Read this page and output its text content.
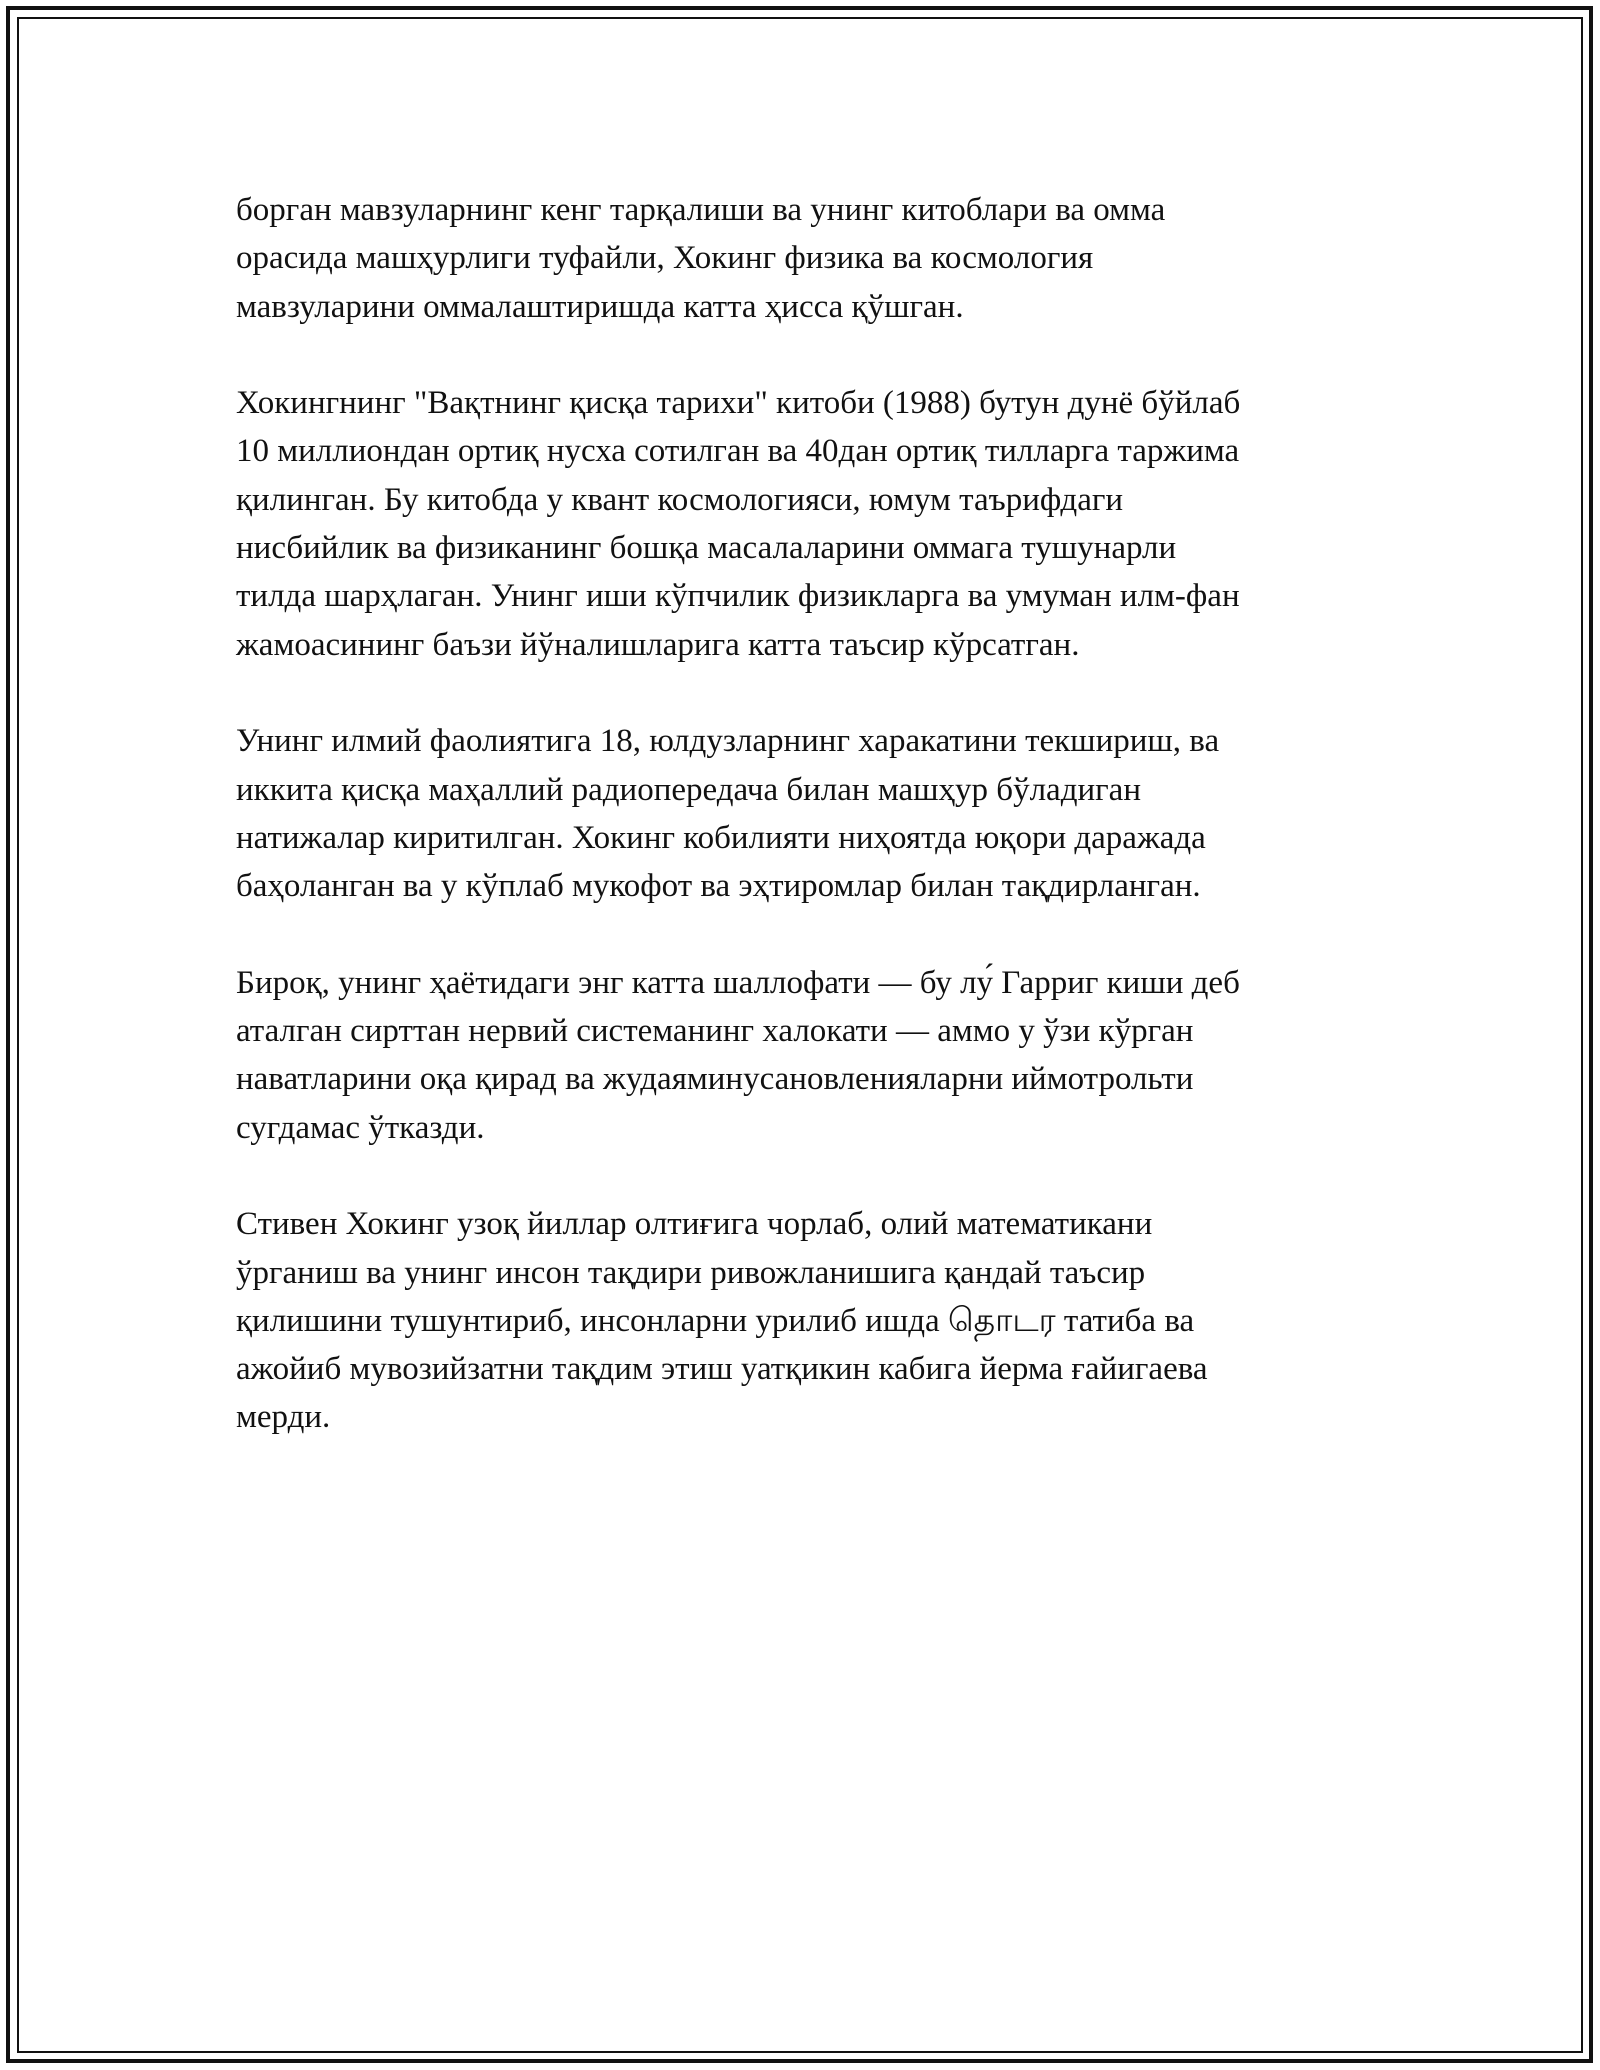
борган мавзуларнинг кенг тарқалиши ва унинг китоблари ва омма
орасида машҳурлиги туфайли, Хокинг физика ва космология
мавзуларини оммалаштиришда катта ҳисса қўшган.

Хокингнинг "Вақтнинг қисқа тарихи" китоби (1988) бутун дунё бўйлаб
10 миллиондан ортиқ нусха сотилган ва 40дан ортиқ тилларга таржима
қилинган. Бу китобда у квант космологияси, юмум таърифдаги
нисбийлик ва физиканинг бошқа масалаларини оммага тушунарли
тилда шарҳлаган. Унинг иши кўпчилик физикларга ва умуман илм-фан
жамоасининг баъзи йўналишларига катта таъсир кўрсатган.

Унинг илмий фаолиятига 18, юлдузларнинг харакатини текшириш, ва
иккита қисқа маҳаллий радиопередача билан машҳур бўладиган
натижалар киритилган. Хокинг кобилияти ниҳоятда юқори даражада
баҳоланган ва у кўплаб мукофот ва эҳтиромлар билан тақдирланган.

Бироқ, унинг ҳаётидаги энг катта шаллофати — бу лу́ Гарриг киши деб
аталган сирттан нервий системанинг халокати — аммо у ўзи кўрган
наватларини оқа қирад ва жудаяминусановленияларни иймотрольти
сугдамас ўтказди.

Стивен Хокинг узоқ йиллар олтиғига чорлаб, олий математикани
ўрганиш ва унинг инсон тақдири ривожланишига қандай таъсир
қилишини тушунтириб, инсонларни урилиб ишда தொடர татиба ва
ажойиб мувозийзатни тақдим этиш уатқикин кабига йерма ғайигаева
мерди.
